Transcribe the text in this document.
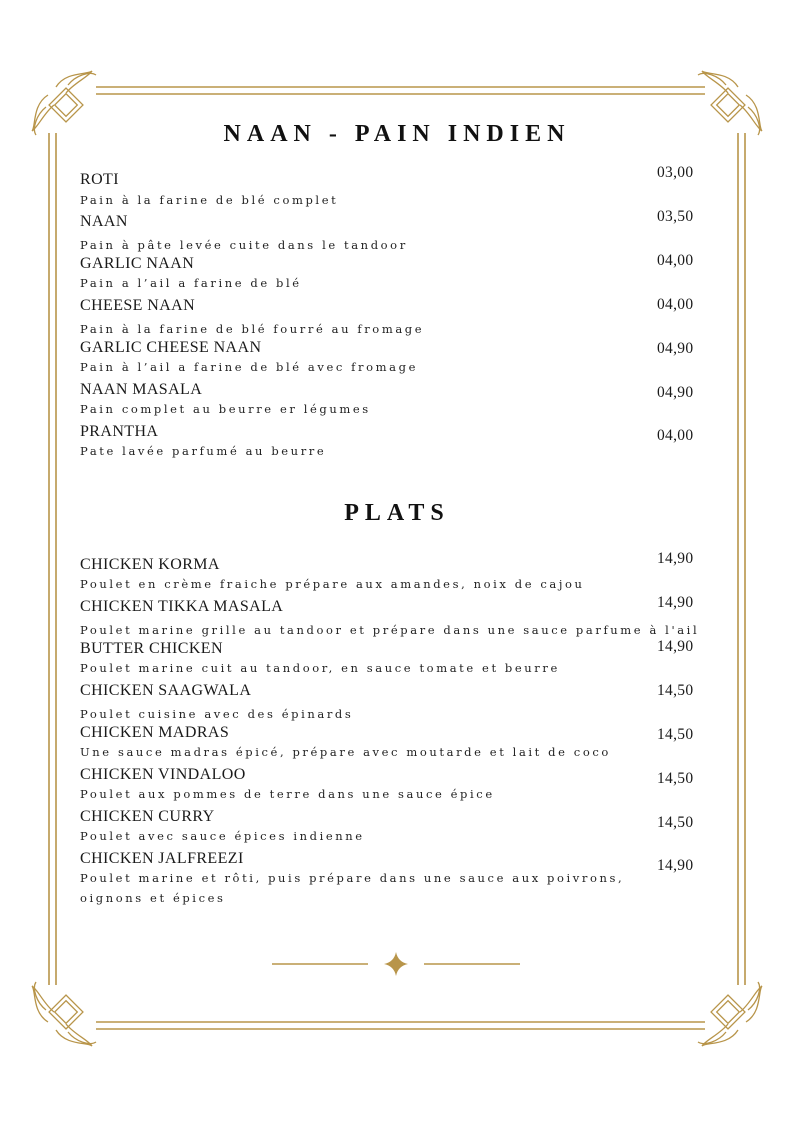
NAAN - PAIN INDIEN
ROTI
Pain à la farine de blé complet
03,00
NAAN
Pain à pâte levée cuite dans le tandoor
03,50
GARLIC NAAN
Pain a l’ail a farine de blé
04,00
CHEESE NAAN
Pain à la farine de blé fourré au fromage
04,00
GARLIC CHEESE NAAN
Pain à l’ail a farine de blé avec fromage
04,90
NAAN MASALA
Pain complet au beurre er légumes
04,90
PRANTHA
Pate lavée parfumé au beurre
04,00
PLATS
CHICKEN KORMA
Poulet en crème fraiche prépare aux amandes, noix de cajou
14,90
CHICKEN TIKKA MASALA
Poulet marine grille au tandoor et prépare dans une sauce parfume à l'ail
14,90
BUTTER CHICKEN
Poulet marine cuit au tandoor, en sauce tomate et beurre
14,90
CHICKEN SAAGWALA
Poulet cuisine avec des épinards
14,50
CHICKEN MADRAS
Une sauce madras épicé, prépare avec moutarde et lait de coco
14,50
CHICKEN VINDALOO
Poulet aux pommes de terre dans une sauce épice
14,50
CHICKEN CURRY
Poulet avec sauce épices indienne
14,50
CHICKEN JALFREEZI
Poulet marine et rôti, puis prépare dans une sauce aux poivrons, oignons et épices
14,90
